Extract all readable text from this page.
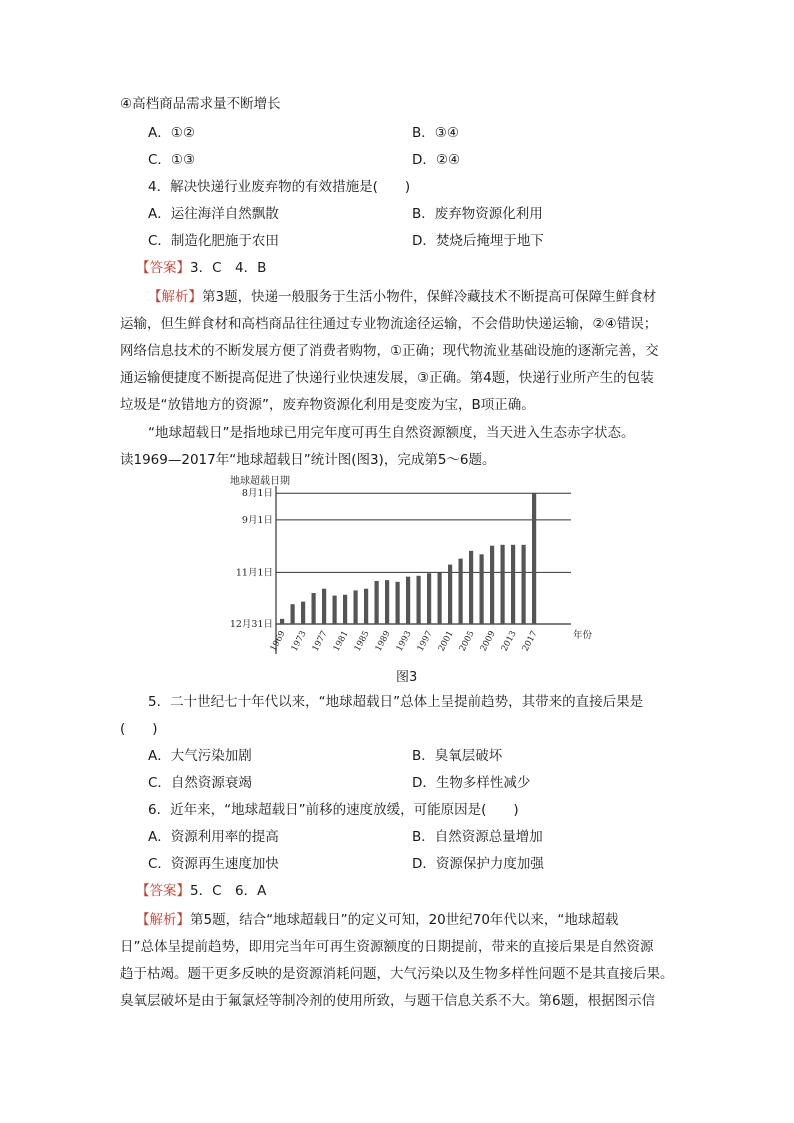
④高档商品需求量不断增长
A．①②	B．③④
C．①③	D．②④
4．解决快递行业废弃物的有效措施是(　　)
A．运往海洋自然飘散	B．废弃物资源化利用
C．制造化肥施于农田	D．焚烧后掩埋于地下
【答案】3．C　4．B
【解析】第3题，快递一般服务于生活小物件，保鲜冷藏技术不断提高可保障生鲜食材
运输，但生鲜食材和高档商品往往通过专业物流途径运输，不会借助快递运输，②④错误；
网络信息技术的不断发展方便了消费者购物，①正确；现代物流业基础设施的逐渐完善，交
通运输便捷度不断提高促进了快递行业快速发展，③正确。第4题，快递行业所产生的包装
垃圾是“放错地方的资源”，废弃物资源化利用是变废为宝，B项正确。
“地球超载日”是指地球已用完年度可再生自然资源额度，当天进入生态赤字状态。
读1969—2017年“地球超载日”统计图(图3)，完成第5～6题。
地球超载日期
8月1日
9月1日
11月1日
12月31日
1969 1973 1977 1981 1985 1989 1993 1997 2001 2005 2009 2013 2017	年份
图3
5．二十世纪七十年代以来，“地球超载日”总体上呈提前趋势，其带来的直接后果是
(　　)
A．大气污染加剧	B．臭氧层破坏
C．自然资源衰竭	D．生物多样性减少
6．近年来，“地球超载日”前移的速度放缓，可能原因是(　　)
A．资源利用率的提高	B．自然资源总量增加
C．资源再生速度加快	D．资源保护力度加强
【答案】5．C　6．A
【解析】第5题，结合“地球超载日”的定义可知，20世纪70年代以来，“地球超载
日”总体呈提前趋势，即用完当年可再生资源额度的日期提前，带来的直接后果是自然资源
趋于枯竭。题干更多反映的是资源消耗问题，大气污染以及生物多样性问题不是其直接后果。
臭氧层破坏是由于氟氯烃等制冷剂的使用所致，与题干信息关系不大。第6题，根据图示信
